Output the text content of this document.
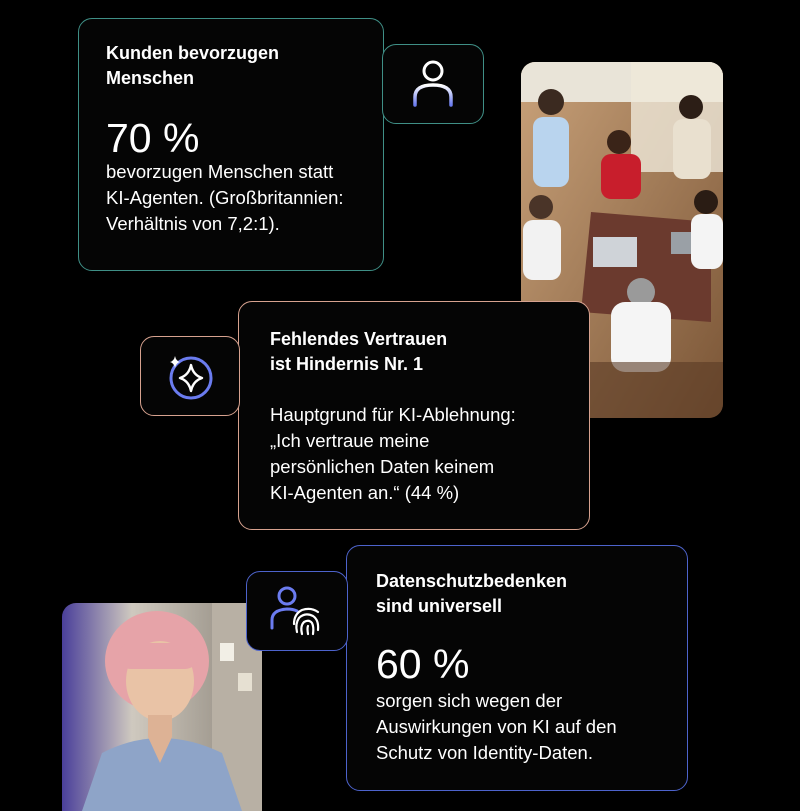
Kunden bevorzugen
Menschen
70 %
bevorzugen Menschen statt
KI-Agenten. (Großbritannien:
Verhältnis von 7,2:1).
Fehlendes Vertrauen
ist Hindernis Nr. 1
Hauptgrund für KI-Ablehnung:
„Ich vertraue meine
persönlichen Daten keinem
KI-Agenten an.“ (44 %)
Datenschutzbedenken
sind universell
60 %
sorgen sich wegen der
Auswirkungen von KI auf den
Schutz von Identity-Daten.
